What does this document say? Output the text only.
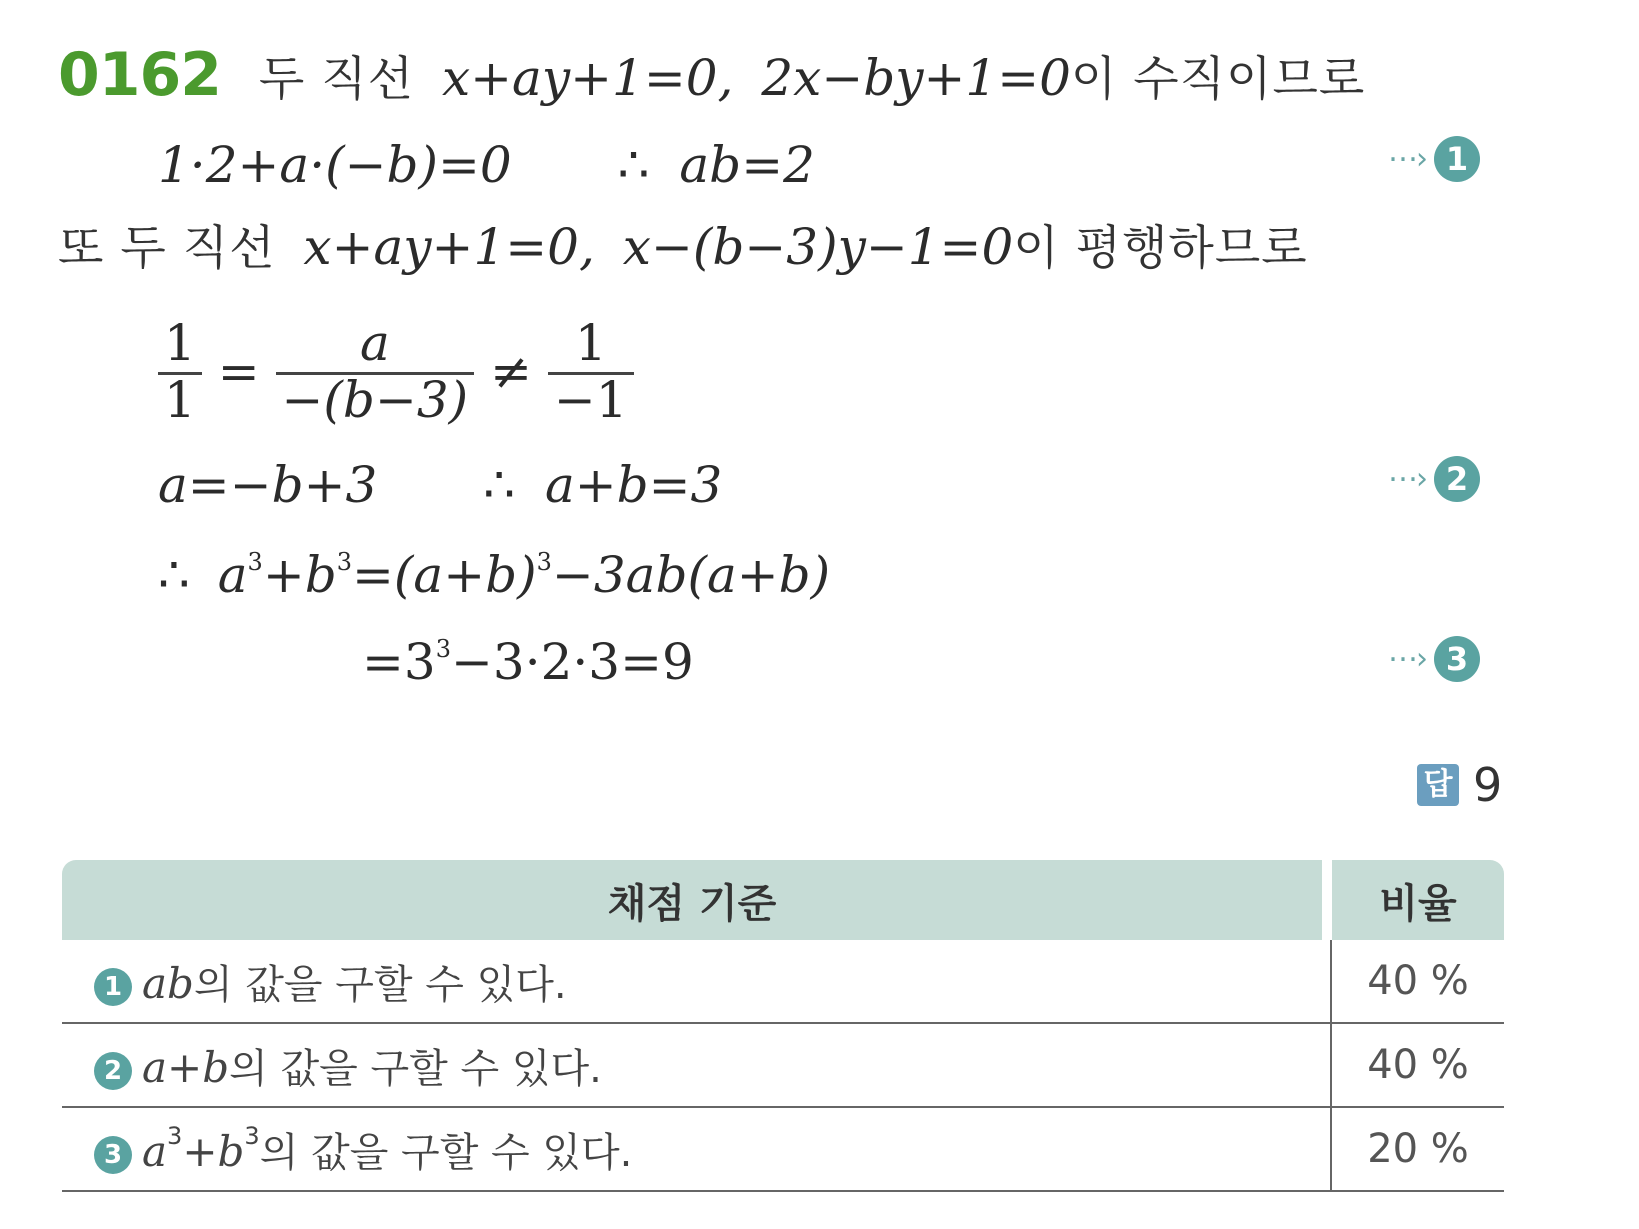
0162 두 직선 x+ay+1=0, 2x−by+1=0이 수직이므로
1·2+a·(−b)=0 ∴ ab=2	⋯› 1
또 두 직선 x+ay+1=0, x−(b−3)y−1=0이 평행하므로
$\frac{1}{1} = \frac{a}{-(b-3)} \ne \frac{1}{-1}$
a=−b+3 ∴ a+b=3	⋯› 2
∴ $a^3+b^3=(a+b)^3-3ab(a+b)$
$=3^3-3\cdot 2\cdot 3=9$	⋯› 3
답 9
채점 기준	비율
1 ab의 값을 구할 수 있다.	40 %
2 a+b의 값을 구할 수 있다.	40 %
3 $a^3+b^3$의 값을 구할 수 있다.	20 %
